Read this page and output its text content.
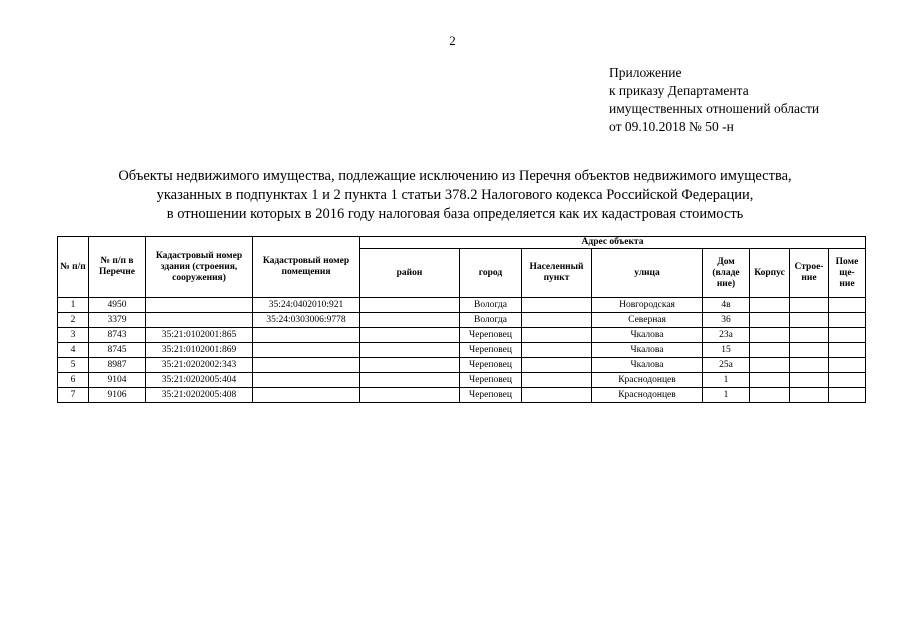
2
Приложение
к приказу Департамента
имущественных отношений области
от 09.10.2018 № 50 -н
Объекты недвижимого имущества, подлежащие исключению из Перечня объектов недвижимого имущества,
указанных в подпунктах 1 и 2 пункта 1 статьи 378.2 Налогового кодекса Российской Федерации,
в отношении которых в 2016 году налоговая база определяется как их кадастровая стоимость
№ п/п	№ п/п в Перечне	Кадастровый номер здания (строения, сооружения)	Кадастровый номер помещения	Адрес объекта							
				район	город	Населенный пункт	улица	Дом (владе ние)	Корпус	Строе- ние	Поме ще- ние
1	4950		35:24:0402010:921		Вологда		Новгородская	4в			
2	3379		35:24:0303006:9778		Вологда		Северная	36			
3	8743	35:21:0102001:865			Череповец		Чкалова	23а			
4	8745	35:21:0102001:869			Череповец		Чкалова	15			
5	8987	35:21:0202002:343			Череповец		Чкалова	25а			
6	9104	35:21:0202005:404			Череповец		Краснодонцев	1			
7	9106	35:21:0202005:408			Череповец		Краснодонцев	1			
